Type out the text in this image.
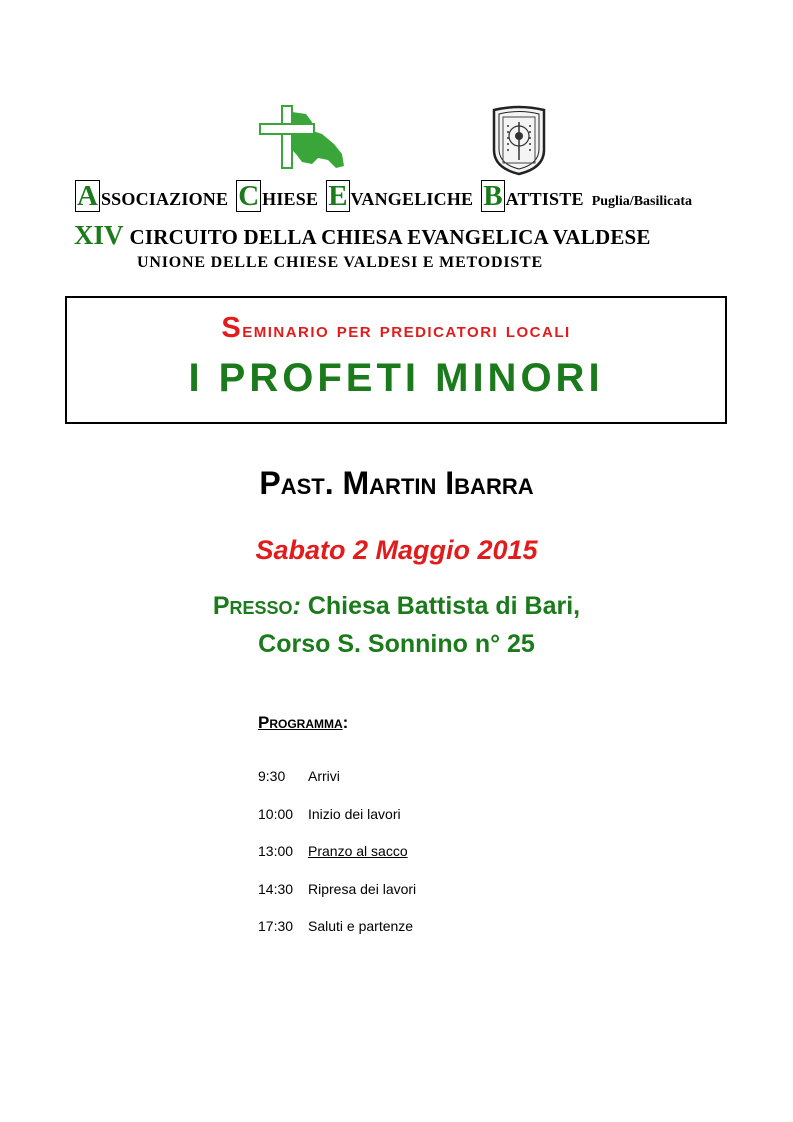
A SSOCIAZIONE C HIESE E VANGELICHE B ATTISTE Puglia/Basilicata
XIV CIRCUITO DELLA CHIESA EVANGELICA VALDESE
UNIONE DELLE CHIESE VALDESI E METODISTE
Seminario per predicatori locali
I PROFETI MINORI
Past. Martin Ibarra
Sabato 2 Maggio 2015
Presso: Chiesa Battista di Bari,
Corso S. Sonnino n° 25
Programma:
9:30 Arrivi
10:00 Inizio dei lavori
13:00 Pranzo al sacco
14:30 Ripresa dei lavori
17:30 Saluti e partenze
